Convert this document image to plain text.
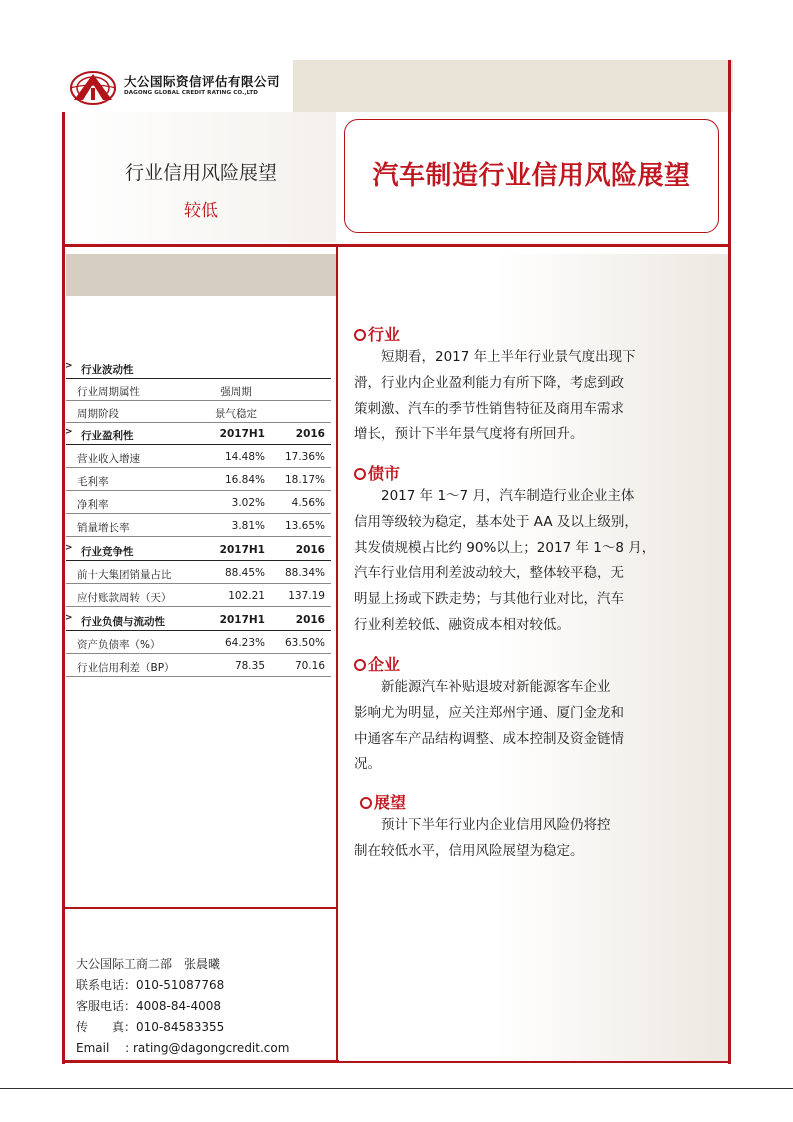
大公国际资信评估有限公司
DAGONG GLOBAL CREDIT RATING CO.,LTD
行业信用风险展望
较低
汽车制造行业信用风险展望
> 行业波动性
行业周期属性	强周期
周期阶段	景气稳定
> 行业盈利性	2017H1	2016
营业收入增速	14.48%	17.36%
毛利率	16.84%	18.17%
净利率	3.02%	4.56%
销量增长率	3.81%	13.65%
> 行业竞争性	2017H1	2016
前十大集团销量占比	88.45%	88.34%
应付账款周转（天）	102.21	137.19
> 行业负债与流动性	2017H1	2016
资产负债率（%）	64.23%	63.50%
行业信用利差（BP）	78.35	70.16
行业
　　短期看，2017 年上半年行业景气度出现下
滑，行业内企业盈利能力有所下降，考虑到政
策刺激、汽车的季节性销售特征及商用车需求
增长，预计下半年景气度将有所回升。
债市
　　2017 年 1～7 月，汽车制造行业企业主体
信用等级较为稳定，基本处于 AA 及以上级别，
其发债规模占比约 90%以上；2017 年 1～8 月，
汽车行业信用利差波动较大，整体较平稳，无
明显上扬或下跌走势；与其他行业对比，汽车
行业利差较低、融资成本相对较低。
企业
　　新能源汽车补贴退坡对新能源客车企业
影响尤为明显，应关注郑州宇通、厦门金龙和
中通客车产品结构调整、成本控制及资金链情
况。
展望
　　预计下半年行业内企业信用风险仍将控
制在较低水平，信用风险展望为稳定。
大公国际工商二部　张晨曦
联系电话：010-51087768
客服电话：4008-84-4008
传　　真：010-84583355
Email　 : rating@dagongcredit.com
